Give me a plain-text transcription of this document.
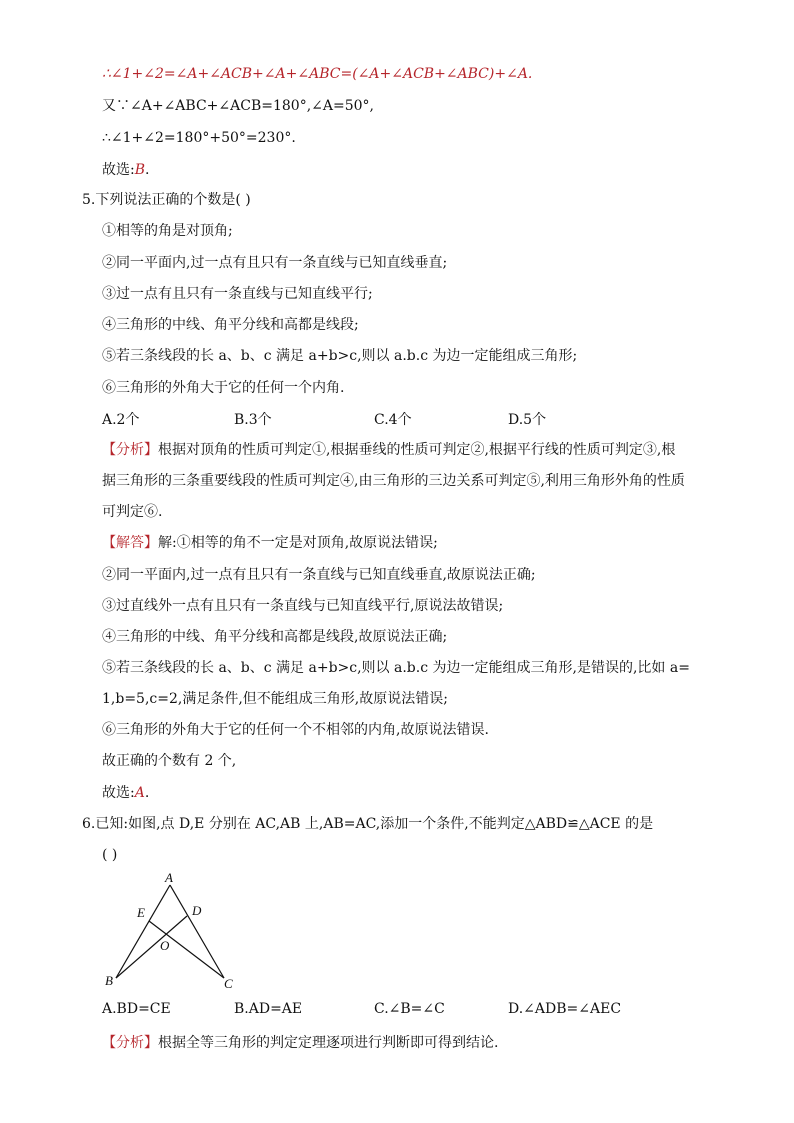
∴∠1+∠2=∠A+∠ACB+∠A+∠ABC=(∠A+∠ACB+∠ABC)+∠A.
又∵∠A+∠ABC+∠ACB=180°,∠A=50°,
∴∠1+∠2=180°+50°=230°.
故选:B.
5.下列说法正确的个数是( )
①相等的角是对顶角;
②同一平面内,过一点有且只有一条直线与已知直线垂直;
③过一点有且只有一条直线与已知直线平行;
④三角形的中线、角平分线和高都是线段;
⑤若三条线段的长 a、b、c 满足 a+b>c,则以 a.b.c 为边一定能组成三角形;
⑥三角形的外角大于它的任何一个内角.
A.2个	B.3个	C.4个	D.5个
【分析】根据对顶角的性质可判定①,根据垂线的性质可判定②,根据平行线的性质可判定③,根
据三角形的三条重要线段的性质可判定④,由三角形的三边关系可判定⑤,利用三角形外角的性质
可判定⑥.
【解答】解:①相等的角不一定是对顶角,故原说法错误;
②同一平面内,过一点有且只有一条直线与已知直线垂直,故原说法正确;
③过直线外一点有且只有一条直线与已知直线平行,原说法故错误;
④三角形的中线、角平分线和高都是线段,故原说法正确;
⑤若三条线段的长 a、b、c 满足 a+b>c,则以 a.b.c 为边一定能组成三角形,是错误的,比如 a=
1,b=5,c=2,满足条件,但不能组成三角形,故原说法错误;
⑥三角形的外角大于它的任何一个不相邻的内角,故原说法错误.
故正确的个数有 2 个,
故选:A.
6.已知:如图,点 D,E 分别在 AC,AB 上,AB=AC,添加一个条件,不能判定△ABD≌△ACE 的是
( )
A
E	D
O
B	C
A.BD=CE	B.AD=AE	C.∠B=∠C	D.∠ADB=∠AEC
【分析】根据全等三角形的判定定理逐项进行判断即可得到结论.
